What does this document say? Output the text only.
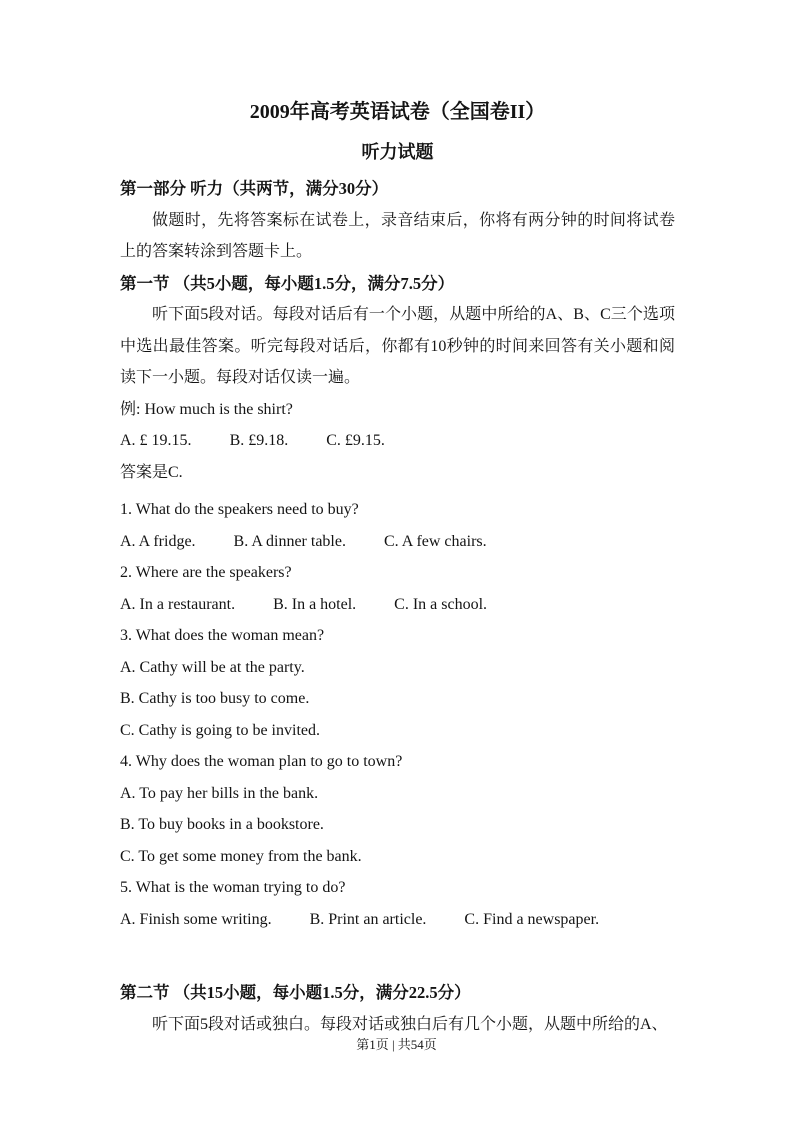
2009年高考英语试卷（全国卷II）
听力试题

第一部分 听力（共两节，满分30分）

做题时，先将答案标在试卷上，录音结束后，你将有两分钟的时间将试卷上的答案转涂到答题卡上。

第一节 （共5小题，每小题1.5分，满分7.5分）

听下面5段对话。每段对话后有一个小题，从题中所给的A、B、C三个选项中选出最佳答案。听完每段对话后，你都有10秒钟的时间来回答有关小题和阅读下一小题。每段对话仅读一遍。

例: How much is the shirt?

A. £ 19.15. B. £9.18. C. £9.15.

答案是C.

1. What do the speakers need to buy?

A. A fridge. B. A dinner table. C. A few chairs.

2. Where are the speakers?

A. In a restaurant. B. In a hotel. C. In a school.

3. What does the woman mean?

A. Cathy will be at the party.

B. Cathy is too busy to come.

C. Cathy is going to be invited.

4. Why does the woman plan to go to town?

A. To pay her bills in the bank.

B. To buy books in a bookstore.

C. To get some money from the bank.

5. What is the woman trying to do?

A. Finish some writing. B. Print an article. C. Find a newspaper.

第二节 （共15小题，每小题1.5分，满分22.5分）

听下面5段对话或独白。每段对话或独白后有几个小题，从题中所给的A、

第1页 | 共54页
